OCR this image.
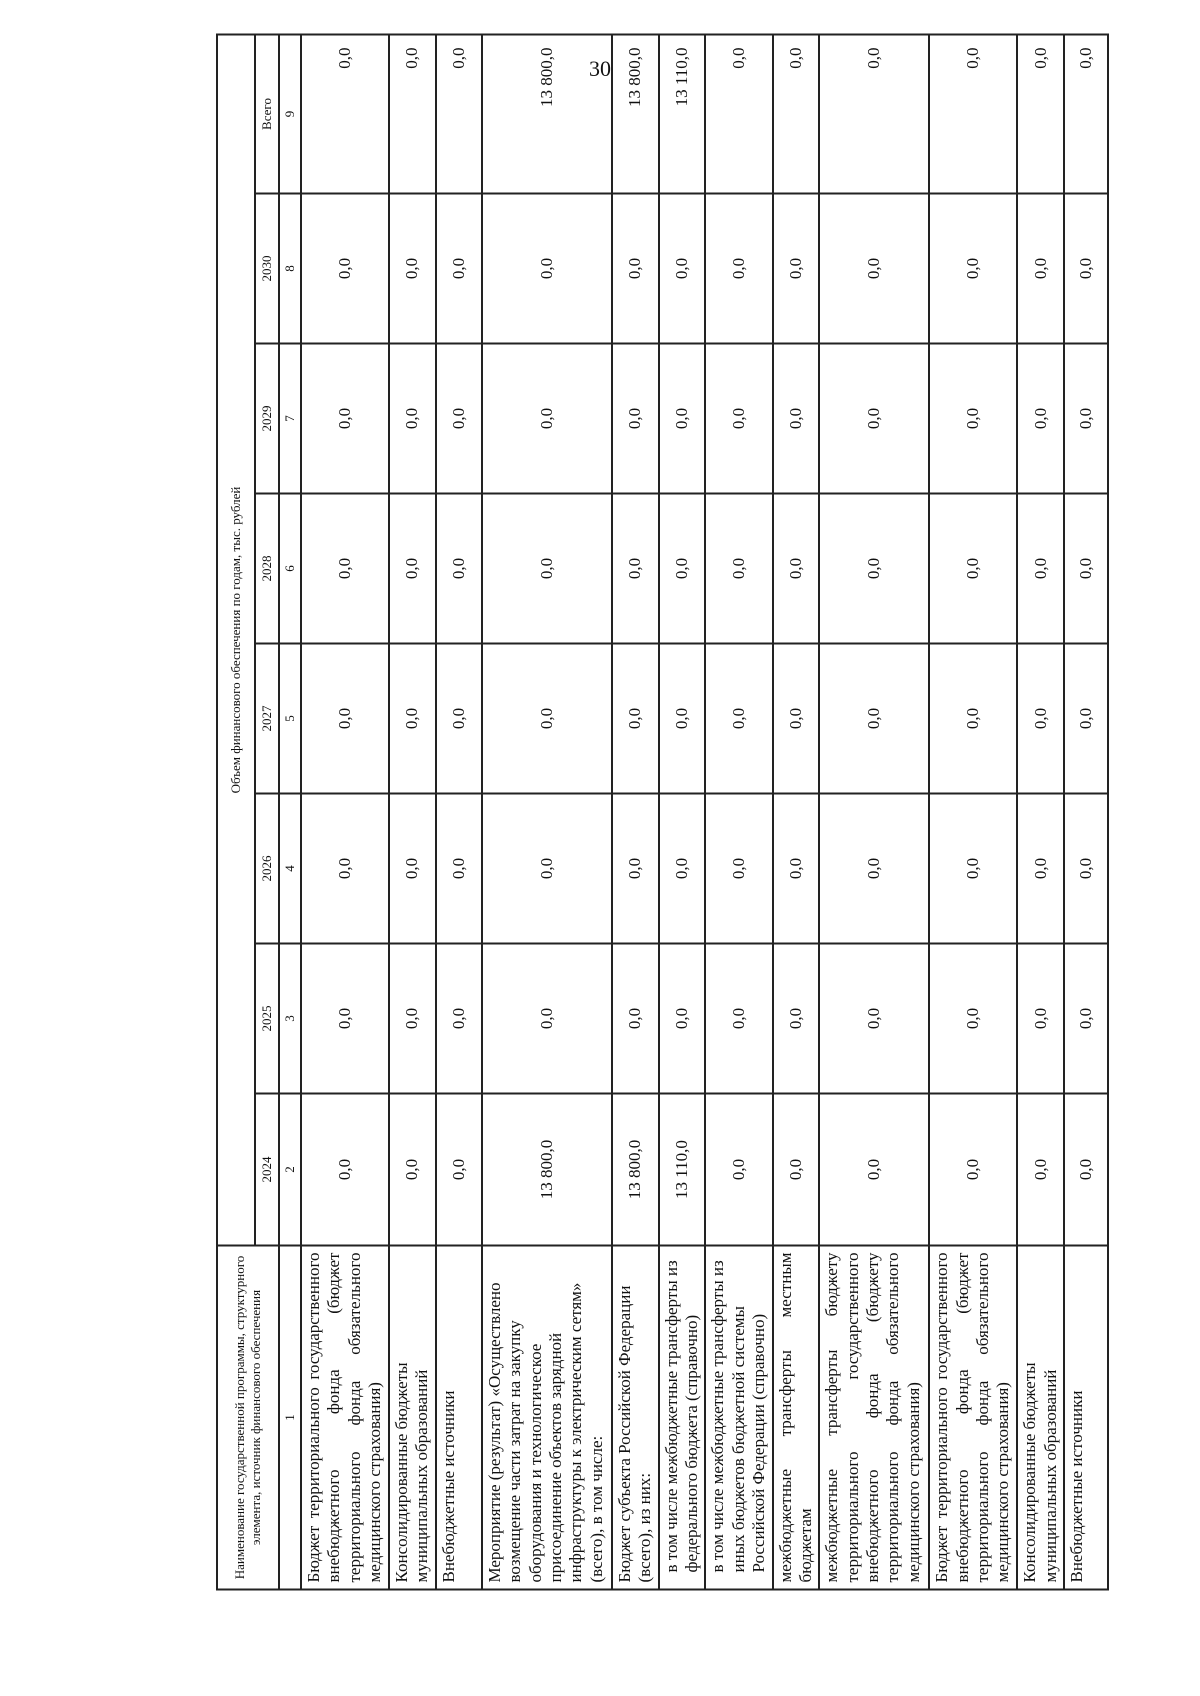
30
Наименование государственной программы, структурного элемента, источник финансового обеспечения	Объем финансового обеспечения по годам, тыс. рублей							
	2024	2025	2026	2027	2028	2029	2030	Всего
1	2	3	4	5	6	7	8	9
Бюджет территориального государственного внебюджетного фонда (бюджет территориального фонда обязательного медицинского страхования)	0,0	0,0	0,0	0,0	0,0	0,0	0,0	0,0
Консолидированные бюджеты муниципальных образований	0,0	0,0	0,0	0,0	0,0	0,0	0,0	0,0
Внебюджетные источники	0,0	0,0	0,0	0,0	0,0	0,0	0,0	0,0
Мероприятие (результат) «Осуществлено возмещение части затрат на закупку оборудования и технологическое присоединение объектов зарядной инфраструктуры к электрическим сетям» (всего), в том числе:	13 800,0	0,0	0,0	0,0	0,0	0,0	0,0	13 800,0
Бюджет субъекта Российской Федерации (всего), из них:	13 800,0	0,0	0,0	0,0	0,0	0,0	0,0	13 800,0
в том числе межбюджетные трансферты из федерального бюджета (справочно)	13 110,0	0,0	0,0	0,0	0,0	0,0	0,0	13 110,0
в том числе межбюджетные трансферты из иных бюджетов бюджетной системы Российской Федерации (справочно)	0,0	0,0	0,0	0,0	0,0	0,0	0,0	0,0
межбюджетные трансферты местным бюджетам	0,0	0,0	0,0	0,0	0,0	0,0	0,0	0,0
межбюджетные трансферты бюджету территориального государственного внебюджетного фонда (бюджету территориального фонда обязательного медицинского страхования)	0,0	0,0	0,0	0,0	0,0	0,0	0,0	0,0
Бюджет территориального государственного внебюджетного фонда (бюджет территориального фонда обязательного медицинского страхования)	0,0	0,0	0,0	0,0	0,0	0,0	0,0	0,0
Консолидированные бюджеты муниципальных образований	0,0	0,0	0,0	0,0	0,0	0,0	0,0	0,0
Внебюджетные источники	0,0	0,0	0,0	0,0	0,0	0,0	0,0	0,0
